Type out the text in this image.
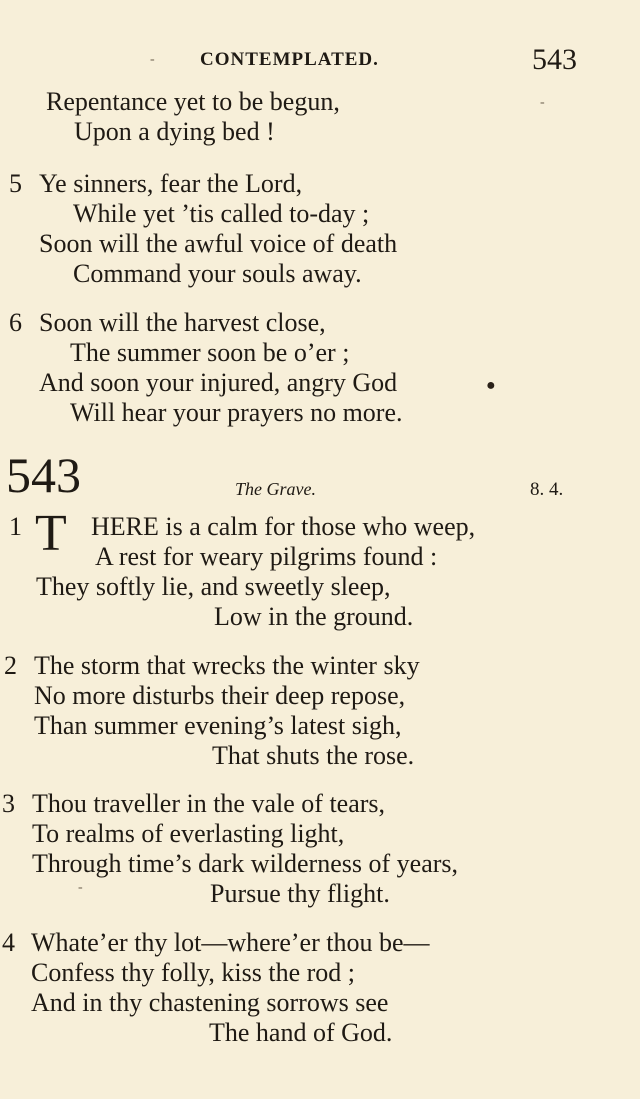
- CONTEMPLATED.	543
Repentance yet to be begun,
Upon a dying bed !
-
5 Ye sinners, fear the Lord,
While yet ’tis called to-day ;
Soon will the awful voice of death
Command your souls away.
6 Soon will the harvest close,
The summer soon be o’er ;
And soon your injured, angry God	●
Will hear your prayers no more.
543	The Grave.	8. 4.
1 T HERE is a calm for those who weep,
A rest for weary pilgrims found :
They softly lie, and sweetly sleep,
Low in the ground.
2 The storm that wrecks the winter sky
No more disturbs their deep repose,
Than summer evening’s latest sigh,
That shuts the rose.
3 Thou traveller in the vale of tears,
To realms of everlasting light,
Through time’s dark wilderness of years,
-	Pursue thy flight.
4 Whate’er thy lot—where’er thou be—
Confess thy folly, kiss the rod ;
And in thy chastening sorrows see
The hand of God.
